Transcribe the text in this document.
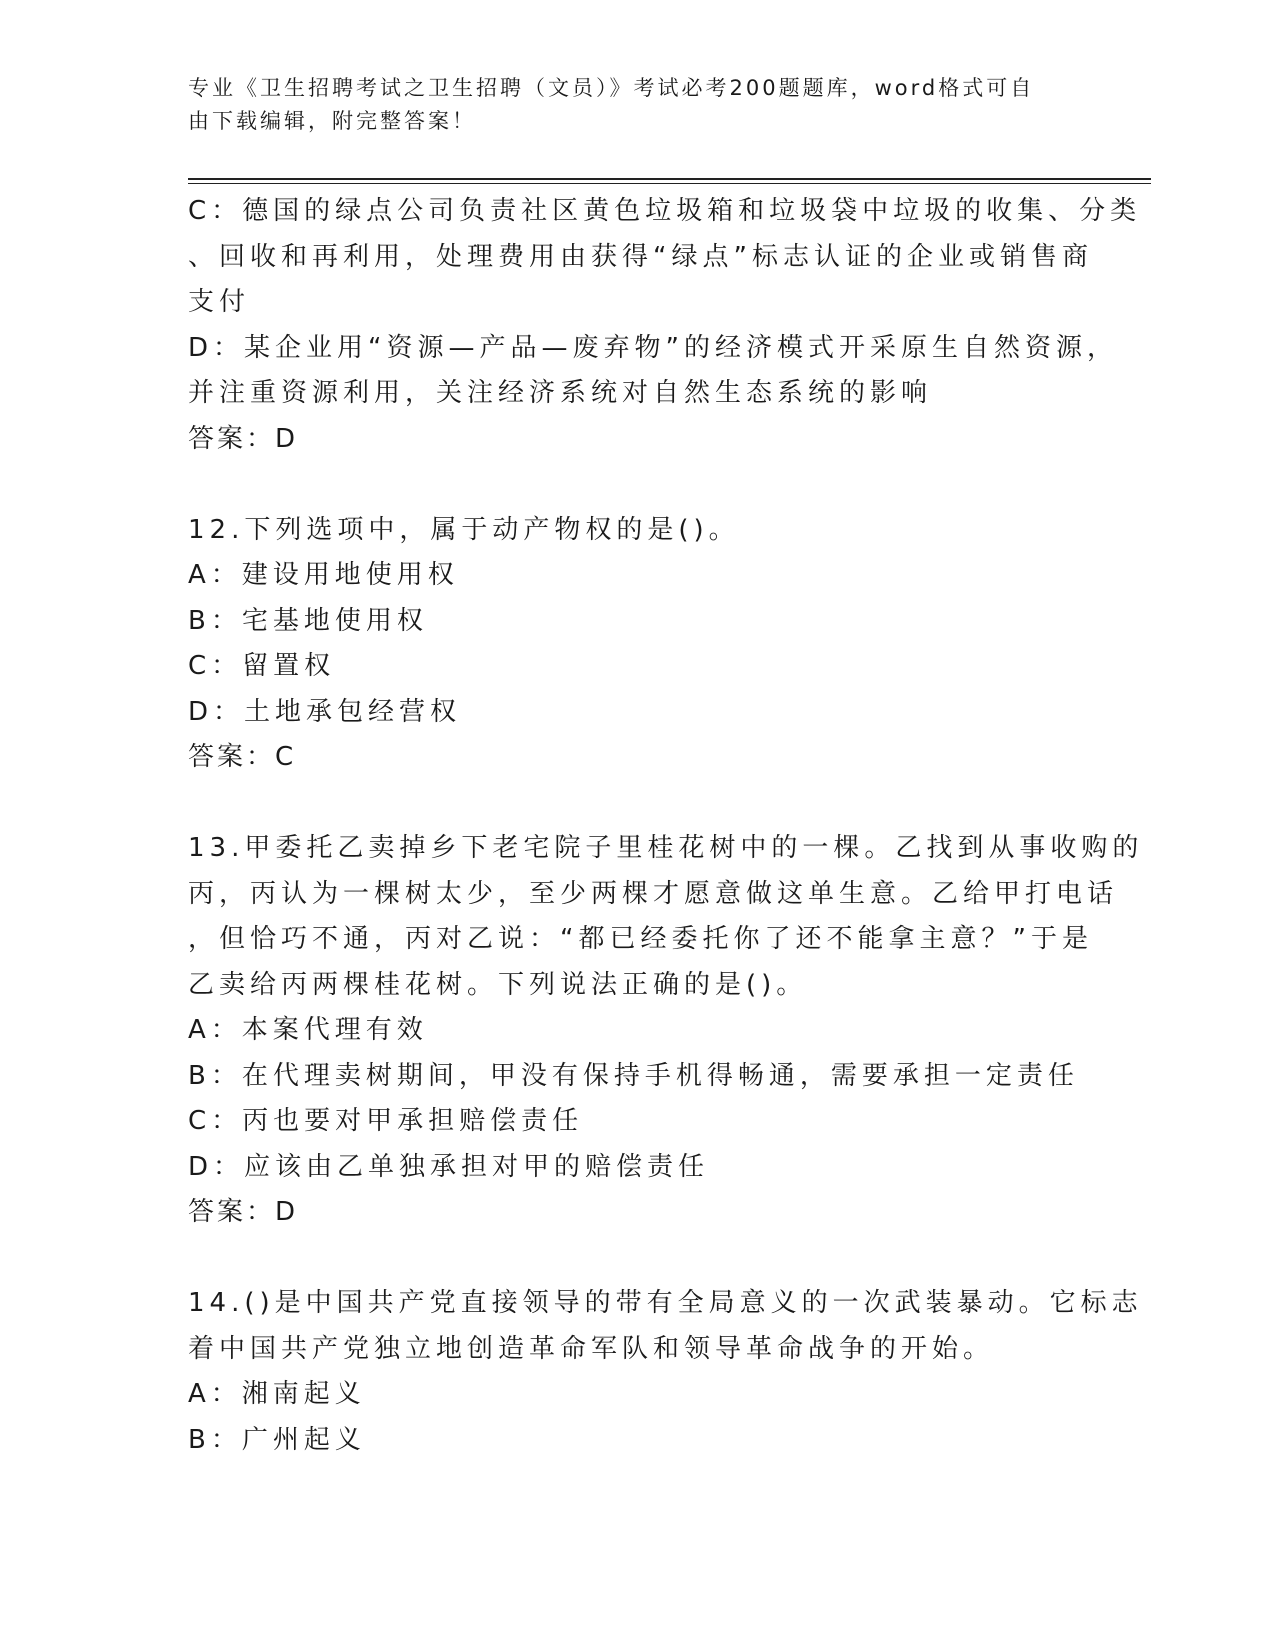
专业《卫生招聘考试之卫生招聘（文员）》考试必考200题题库，word格式可自

由下载编辑，附完整答案！

C：德国的绿点公司负责社区黄色垃圾箱和垃圾袋中垃圾的收集、分类

、回收和再利用，处理费用由获得“绿点”标志认证的企业或销售商

支付

D：某企业用“资源—产品—废弃物”的经济模式开采原生自然资源，

并注重资源利用，关注经济系统对自然生态系统的影响

答案：D

12.下列选项中，属于动产物权的是()。

A：建设用地使用权

B：宅基地使用权

C：留置权

D：土地承包经营权

答案：C

13.甲委托乙卖掉乡下老宅院子里桂花树中的一棵。乙找到从事收购的

丙，丙认为一棵树太少，至少两棵才愿意做这单生意。乙给甲打电话

，但恰巧不通，丙对乙说：“都已经委托你了还不能拿主意？”于是

乙卖给丙两棵桂花树。下列说法正确的是()。

A：本案代理有效

B：在代理卖树期间，甲没有保持手机得畅通，需要承担一定责任

C：丙也要对甲承担赔偿责任

D：应该由乙单独承担对甲的赔偿责任

答案：D

14.()是中国共产党直接领导的带有全局意义的一次武装暴动。它标志

着中国共产党独立地创造革命军队和领导革命战争的开始。

A：湘南起义

B：广州起义
